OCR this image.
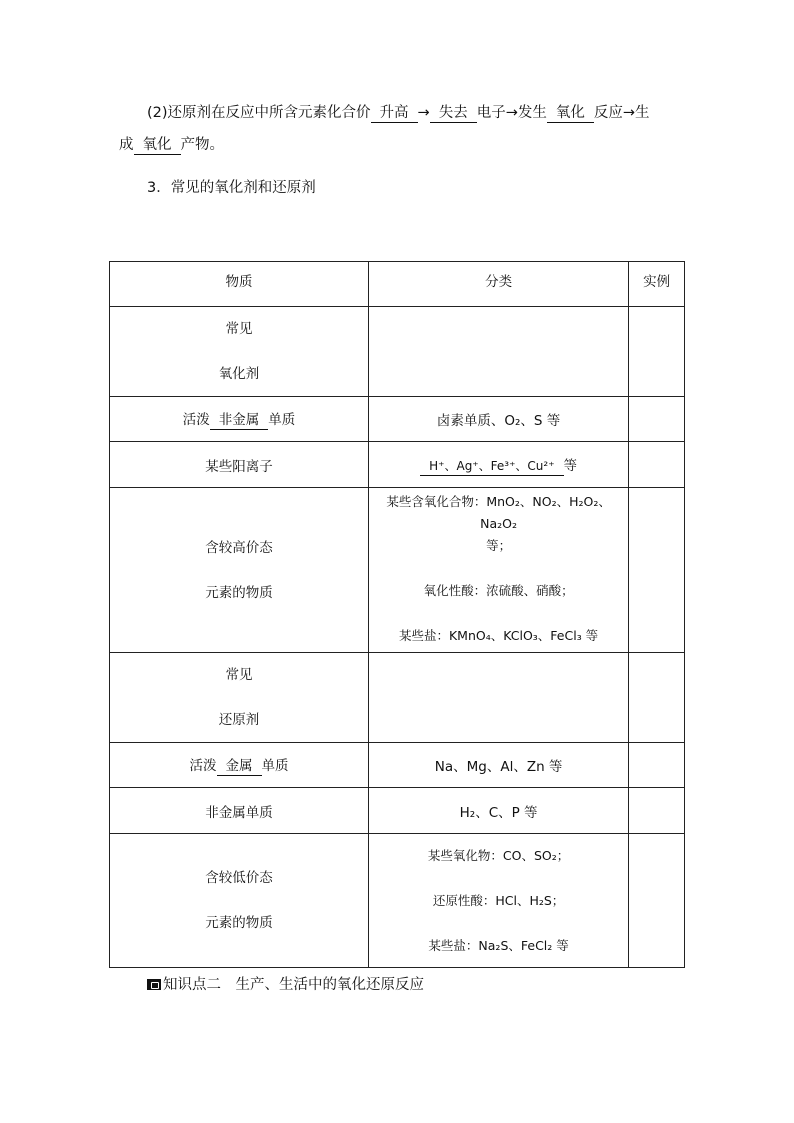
(2)还原剂在反应中所含元素化合价 升高 → 失去 电子→发生 氧化 反应→生
成 氧化 产物。
3．常见的氧化剂和还原剂
物质	分类	实例

常见
氧化剂		

活泼 非金属 单质	卤素单质、O₂、S 等	
某些阳离子	H⁺、Ag⁺、Fe³⁺、Cu²⁺ 等	

含较高价态
元素的物质	某些含氧化合物：MnO₂、NO₂、H₂O₂、Na₂O₂
等；
氧化性酸：浓硫酸、硝酸；
某些盐：KMnO₄、KClO₃、FeCl₃ 等	

常见
还原剂		

活泼 金属 单质	Na、Mg、Al、Zn 等	
非金属单质	H₂、C、P 等	

含较低价态
元素的物质	某些氧化物：CO、SO₂；
还原性酸：HCl、H₂S；
某些盐：Na₂S、FeCl₂ 等	

知识点二　生产、生活中的氧化还原反应
